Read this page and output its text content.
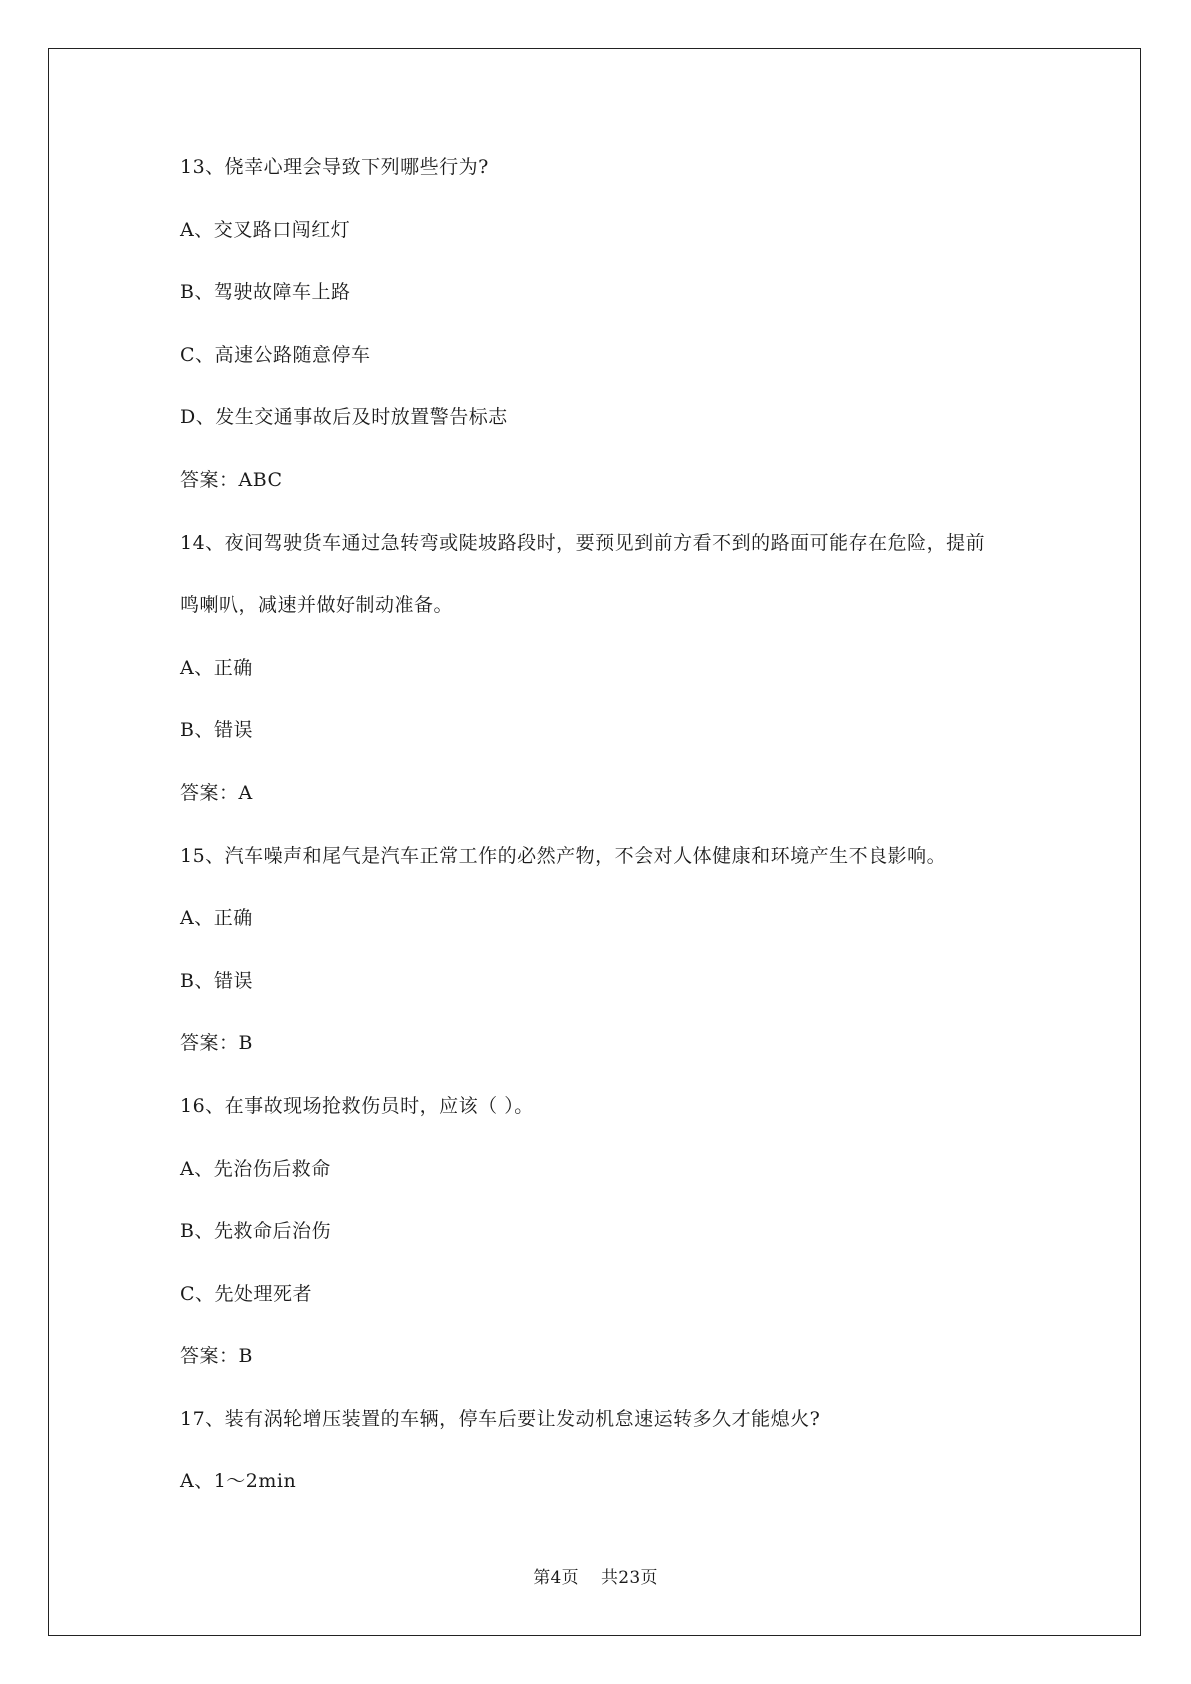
13、侥幸心理会导致下列哪些行为?
A、交叉路口闯红灯
B、驾驶故障车上路
C、高速公路随意停车
D、发生交通事故后及时放置警告标志
答案：ABC
14、夜间驾驶货车通过急转弯或陡坡路段时，要预见到前方看不到的路面可能存在危险，提前
鸣喇叭，减速并做好制动准备。
A、正确
B、错误
答案：A
15、汽车噪声和尾气是汽车正常工作的必然产物，不会对人体健康和环境产生不良影响。
A、正确
B、错误
答案：B
16、在事故现场抢救伤员时，应该（ ）。
A、先治伤后救命
B、先救命后治伤
C、先处理死者
答案：B
17、装有涡轮增压装置的车辆，停车后要让发动机怠速运转多久才能熄火?
A、1～2min
第4页 共23页
